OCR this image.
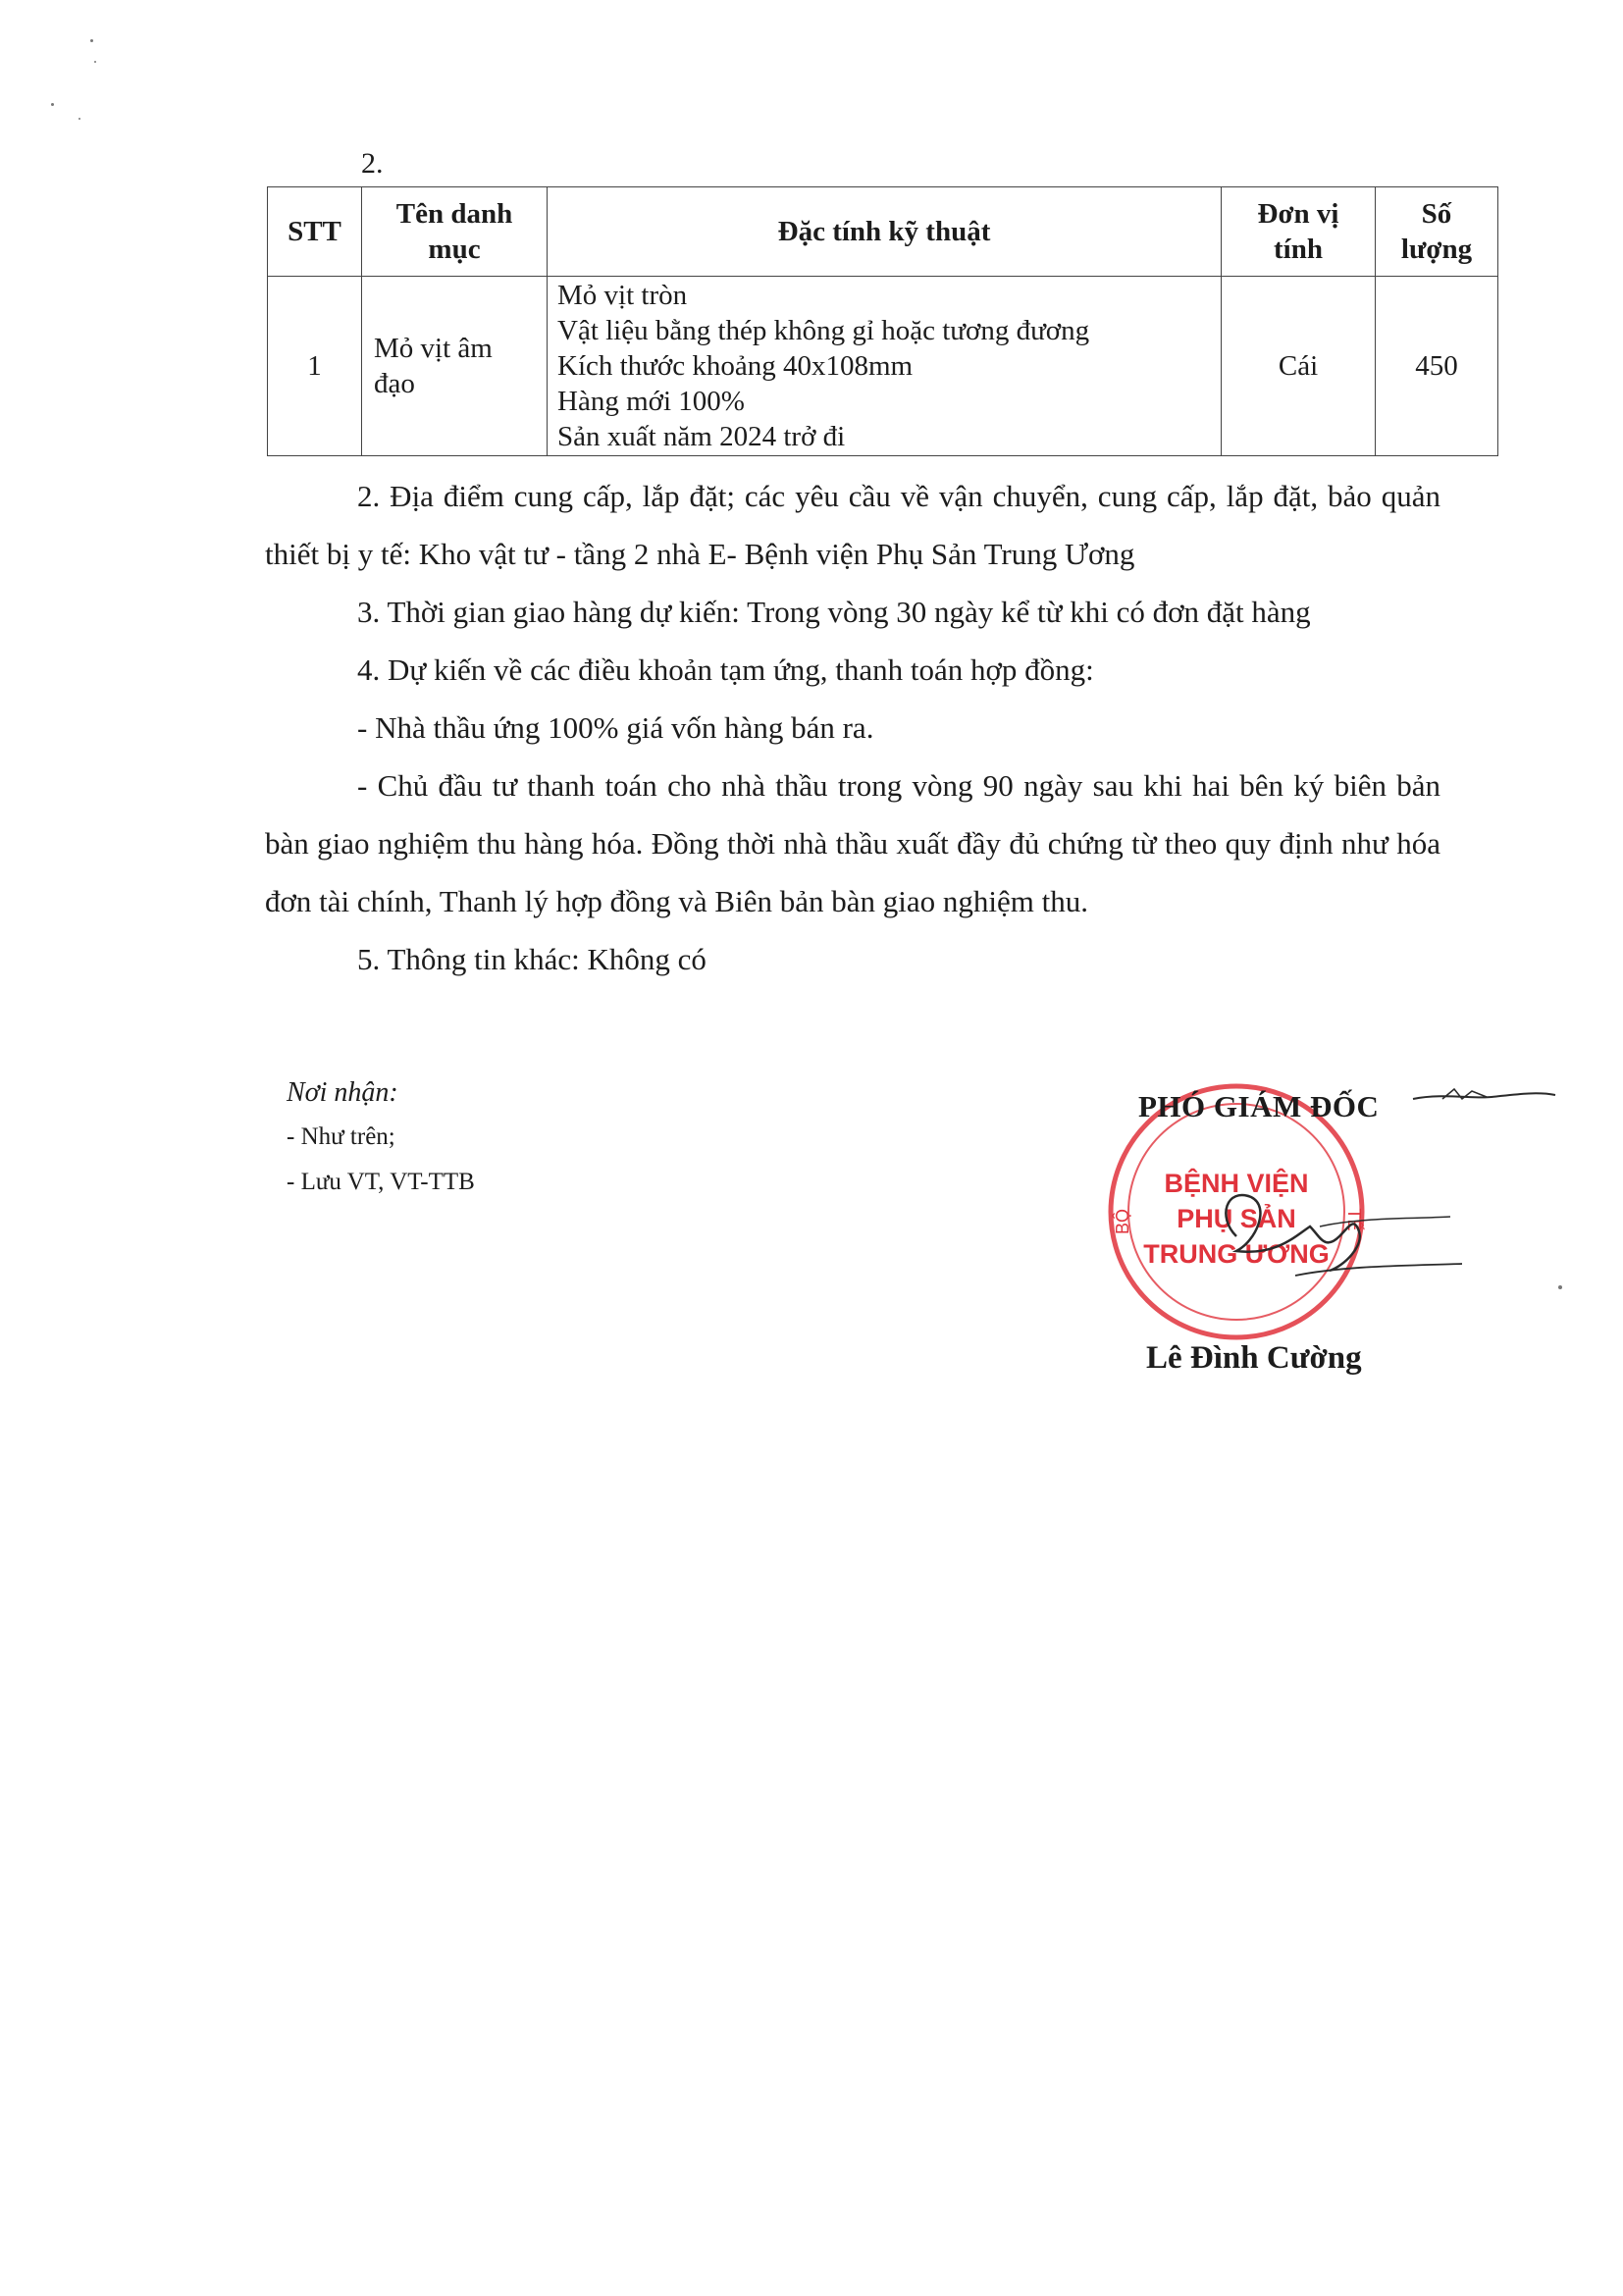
2.
STT	Tên danh mục	Đặc tính kỹ thuật	Đơn vị tính	Số lượng
1	Mỏ vịt âm đạo	Mỏ vịt tròn
Vật liệu bằng thép không gỉ hoặc tương đương
Kích thước khoảng 40x108mm
Hàng mới 100%
Sản xuất năm 2024 trở đi	Cái	450

2. Địa điểm cung cấp, lắp đặt; các yêu cầu về vận chuyển, cung cấp, lắp đặt, bảo quản thiết bị y tế: Kho vật tư - tầng 2 nhà E- Bệnh viện Phụ Sản Trung Ương

3. Thời gian giao hàng dự kiến: Trong vòng 30 ngày kể từ khi có đơn đặt hàng

4. Dự kiến về các điều khoản tạm ứng, thanh toán hợp đồng:

- Nhà thầu ứng 100% giá vốn hàng bán ra.

- Chủ đầu tư thanh toán cho nhà thầu trong vòng 90 ngày sau khi hai bên ký biên bản bàn giao nghiệm thu hàng hóa. Đồng thời nhà thầu xuất đầy đủ chứng từ theo quy định như hóa đơn tài chính, Thanh lý hợp đồng và Biên bản bàn giao nghiệm thu.

5. Thông tin khác: Không có

Nơi nhận:
- Như trên;
- Lưu VT, VT-TTB	BỆNH VIỆN
PHỤ SẢN
TRUNG ƯƠNG
BỘ	TẾ
PHÓ GIÁM ĐỐC
Lê Đình Cường
